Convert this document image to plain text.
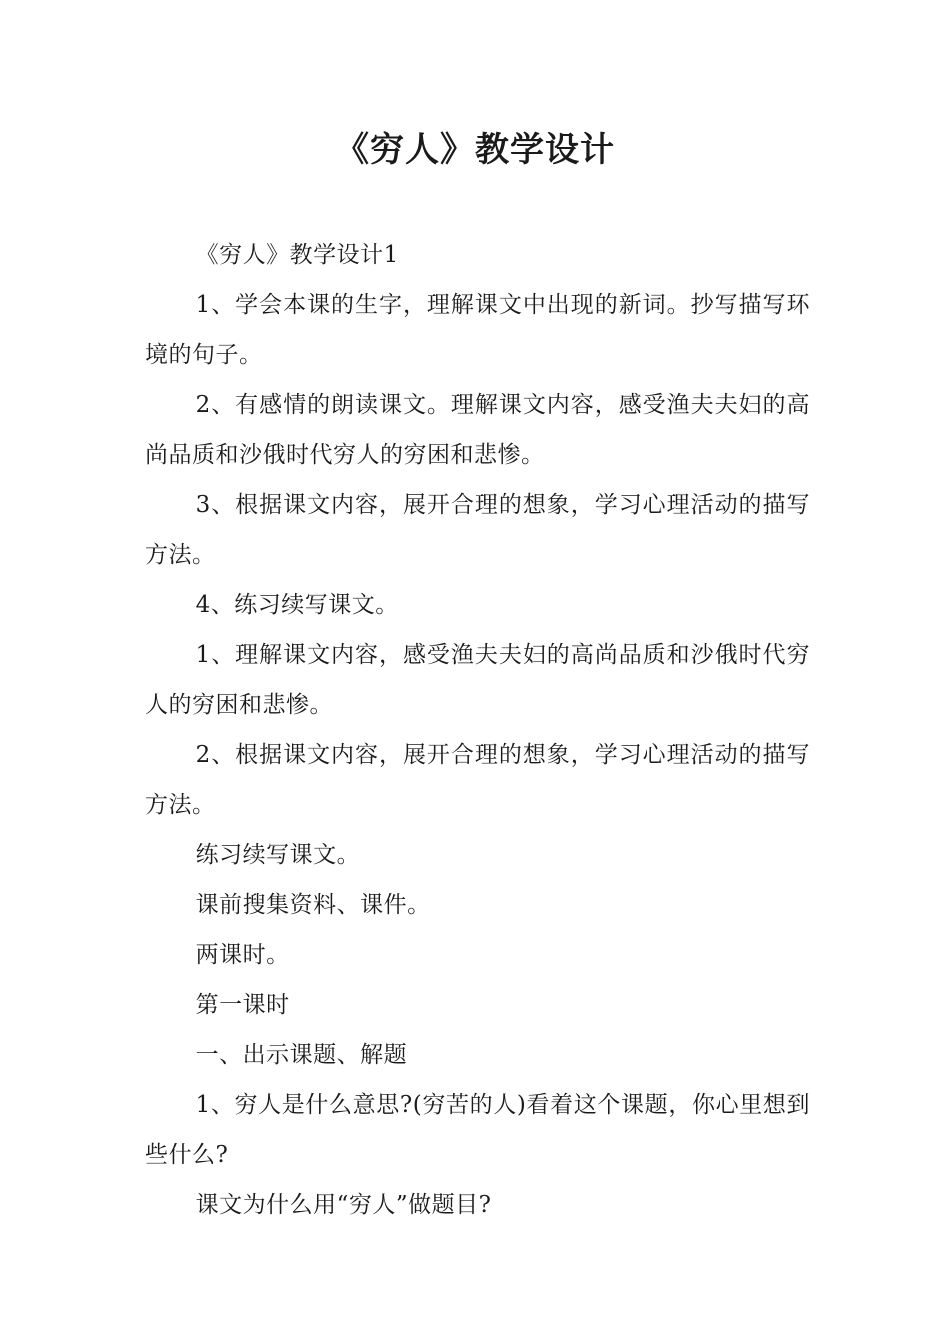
《穷人》教学设计

《穷人》教学设计1

1、学会本课的生字，理解课文中出现的新词。抄写描写环境的句子。

2、有感情的朗读课文。理解课文内容，感受渔夫夫妇的高尚品质和沙俄时代穷人的穷困和悲惨。

3、根据课文内容，展开合理的想象，学习心理活动的描写方法。

4、练习续写课文。

1、理解课文内容，感受渔夫夫妇的高尚品质和沙俄时代穷人的穷困和悲惨。

2、根据课文内容，展开合理的想象，学习心理活动的描写方法。

练习续写课文。

课前搜集资料、课件。

两课时。

第一课时

一、出示课题、解题

1、穷人是什么意思?(穷苦的人)看着这个课题，你心里想到些什么?

课文为什么用“穷人”做题目?
